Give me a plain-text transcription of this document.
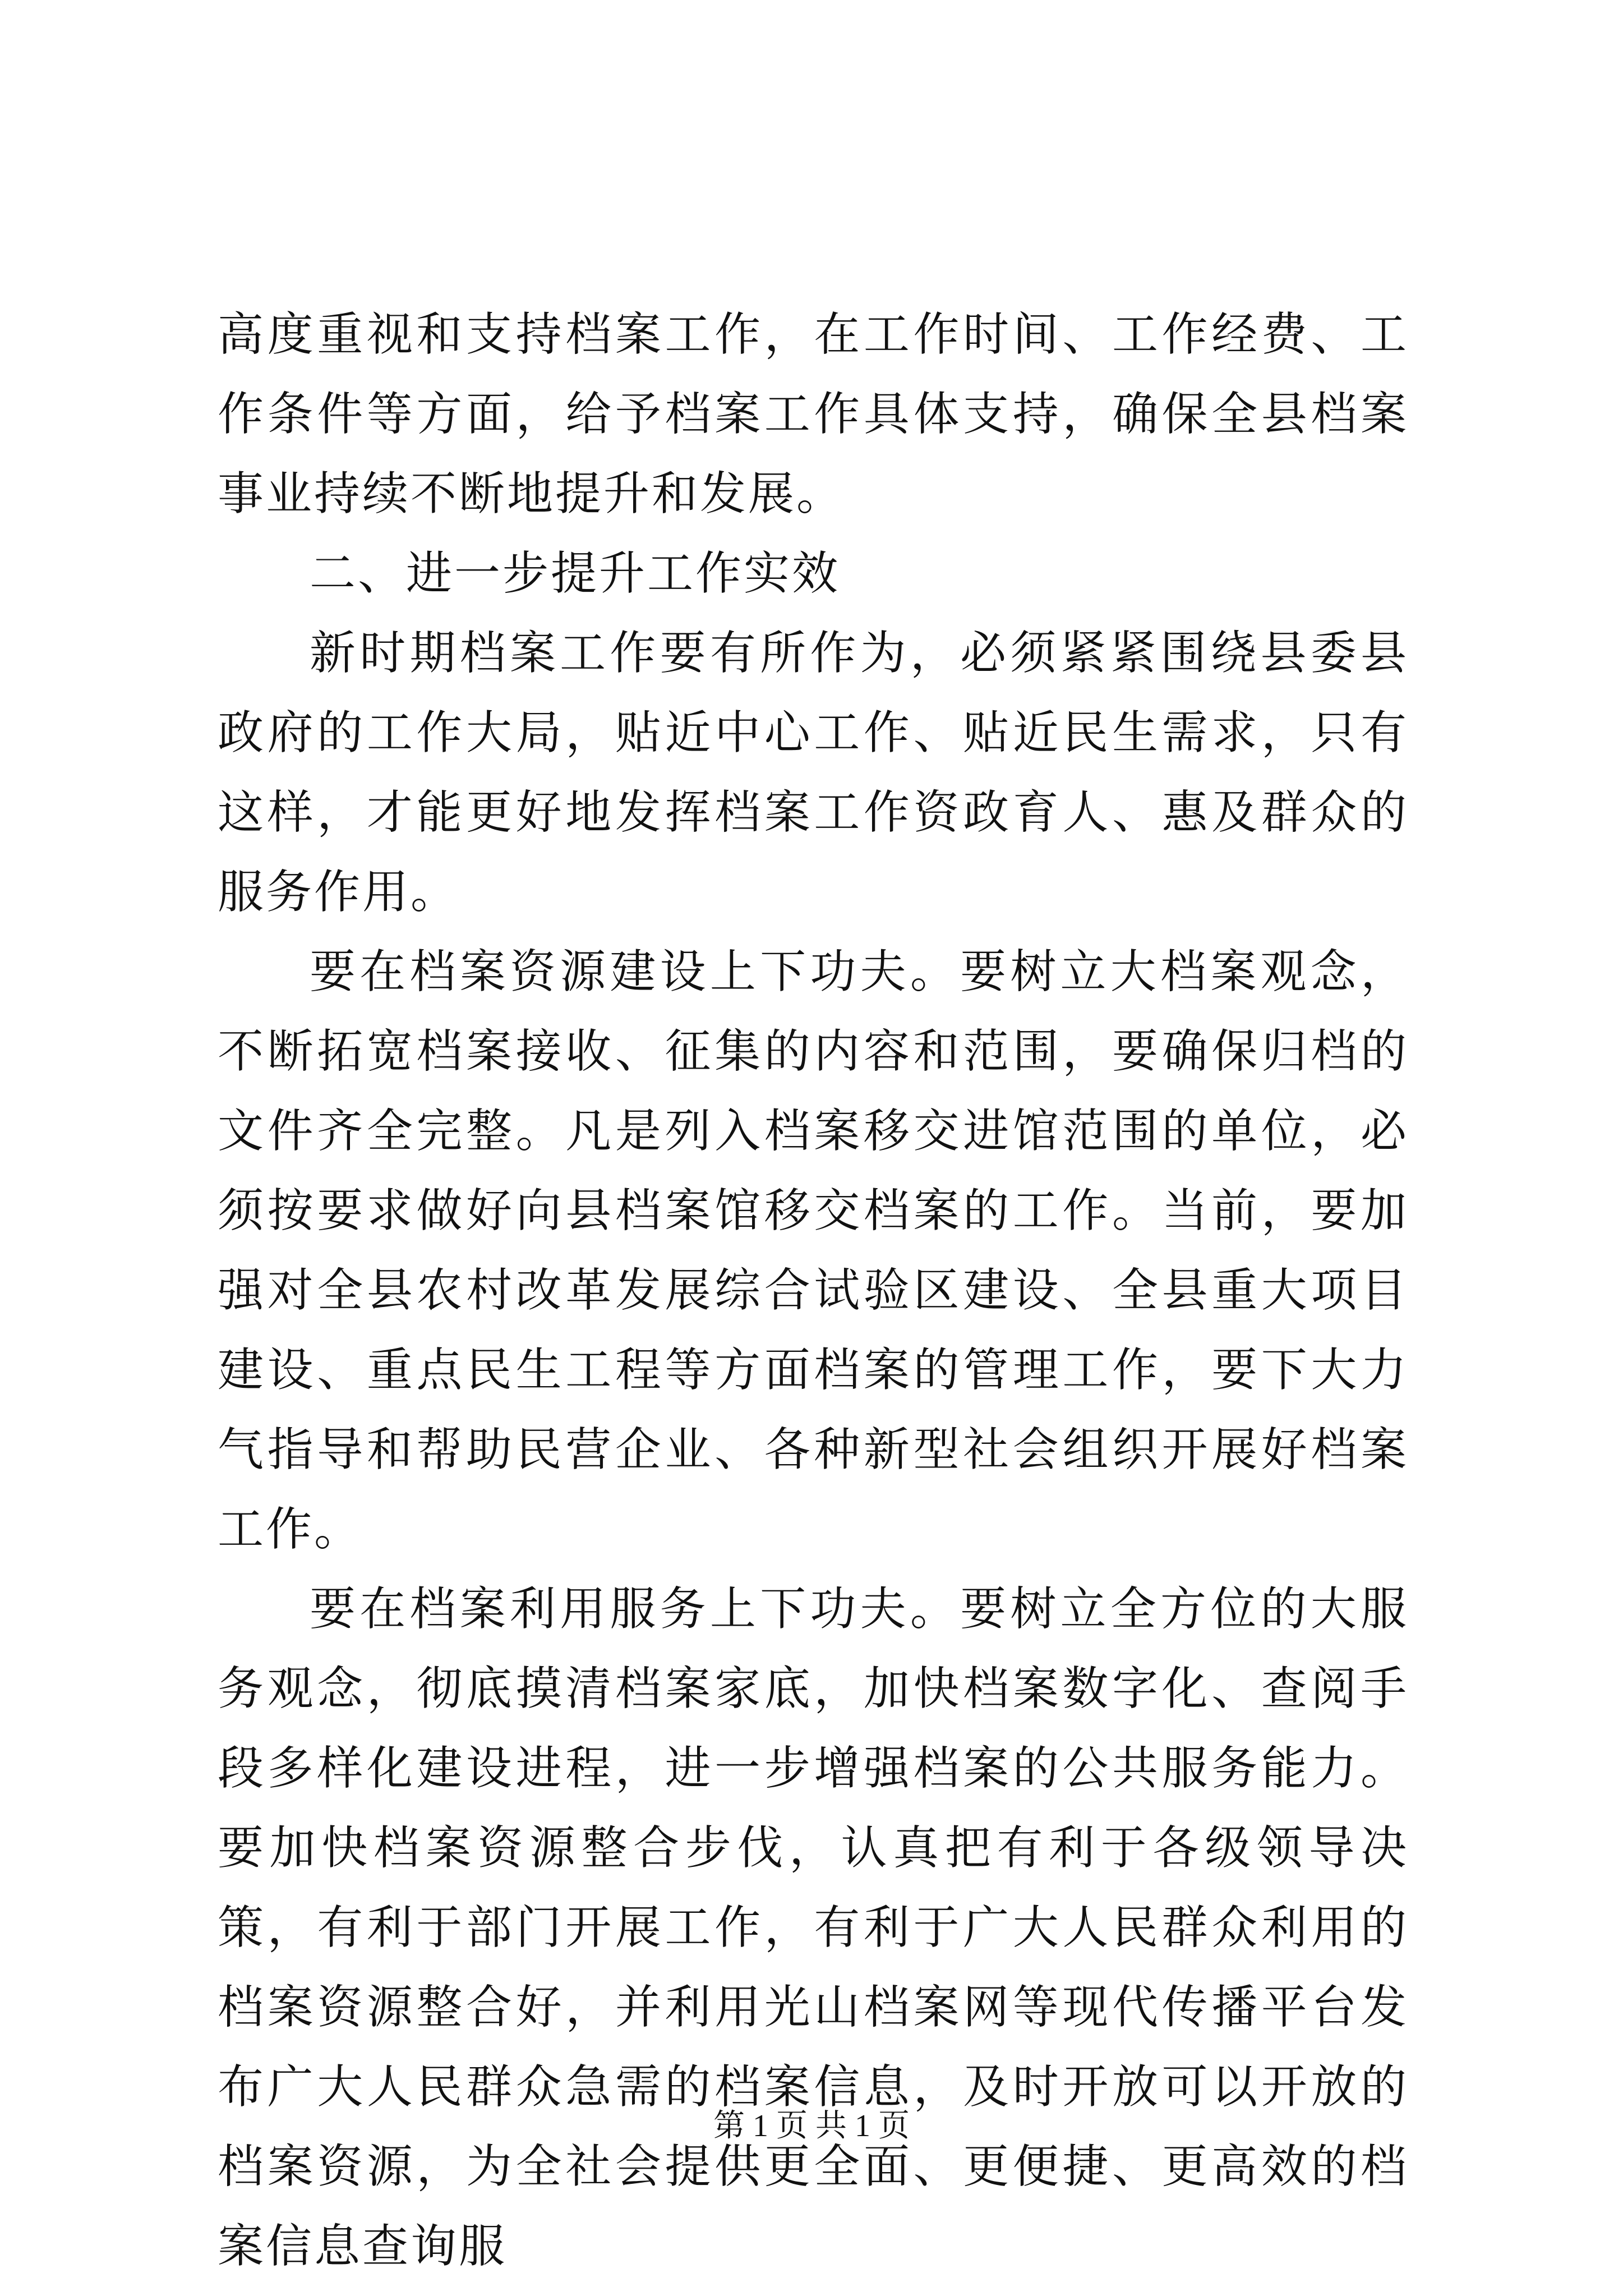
高度重视和支持档案工作，在工作时间、工作经费、工作条件等方面，给予档案工作具体支持，确保全县档案事业持续不断地提升和发展。

二、进一步提升工作实效

新时期档案工作要有所作为，必须紧紧围绕县委县政府的工作大局，贴近中心工作、贴近民生需求，只有这样，才能更好地发挥档案工作资政育人、惠及群众的服务作用。

要在档案资源建设上下功夫。要树立大档案观念，不断拓宽档案接收、征集的内容和范围，要确保归档的文件齐全完整。凡是列入档案移交进馆范围的单位，必须按要求做好向县档案馆移交档案的工作。当前，要加强对全县农村改革发展综合试验区建设、全县重大项目建设、重点民生工程等方面档案的管理工作，要下大力气指导和帮助民营企业、各种新型社会组织开展好档案工作。

要在档案利用服务上下功夫。要树立全方位的大服务观念，彻底摸清档案家底，加快档案数字化、查阅手段多样化建设进程，进一步增强档案的公共服务能力。要加快档案资源整合步伐，认真把有利于各级领导决策，有利于部门开展工作，有利于广大人民群众利用的档案资源整合好，并利用光山档案网等现代传播平台发布广大人民群众急需的档案信息，及时开放可以开放的档案资源，为全社会提供更全面、更便捷、更高效的档案信息查询服

第 1 页 共 1 页
